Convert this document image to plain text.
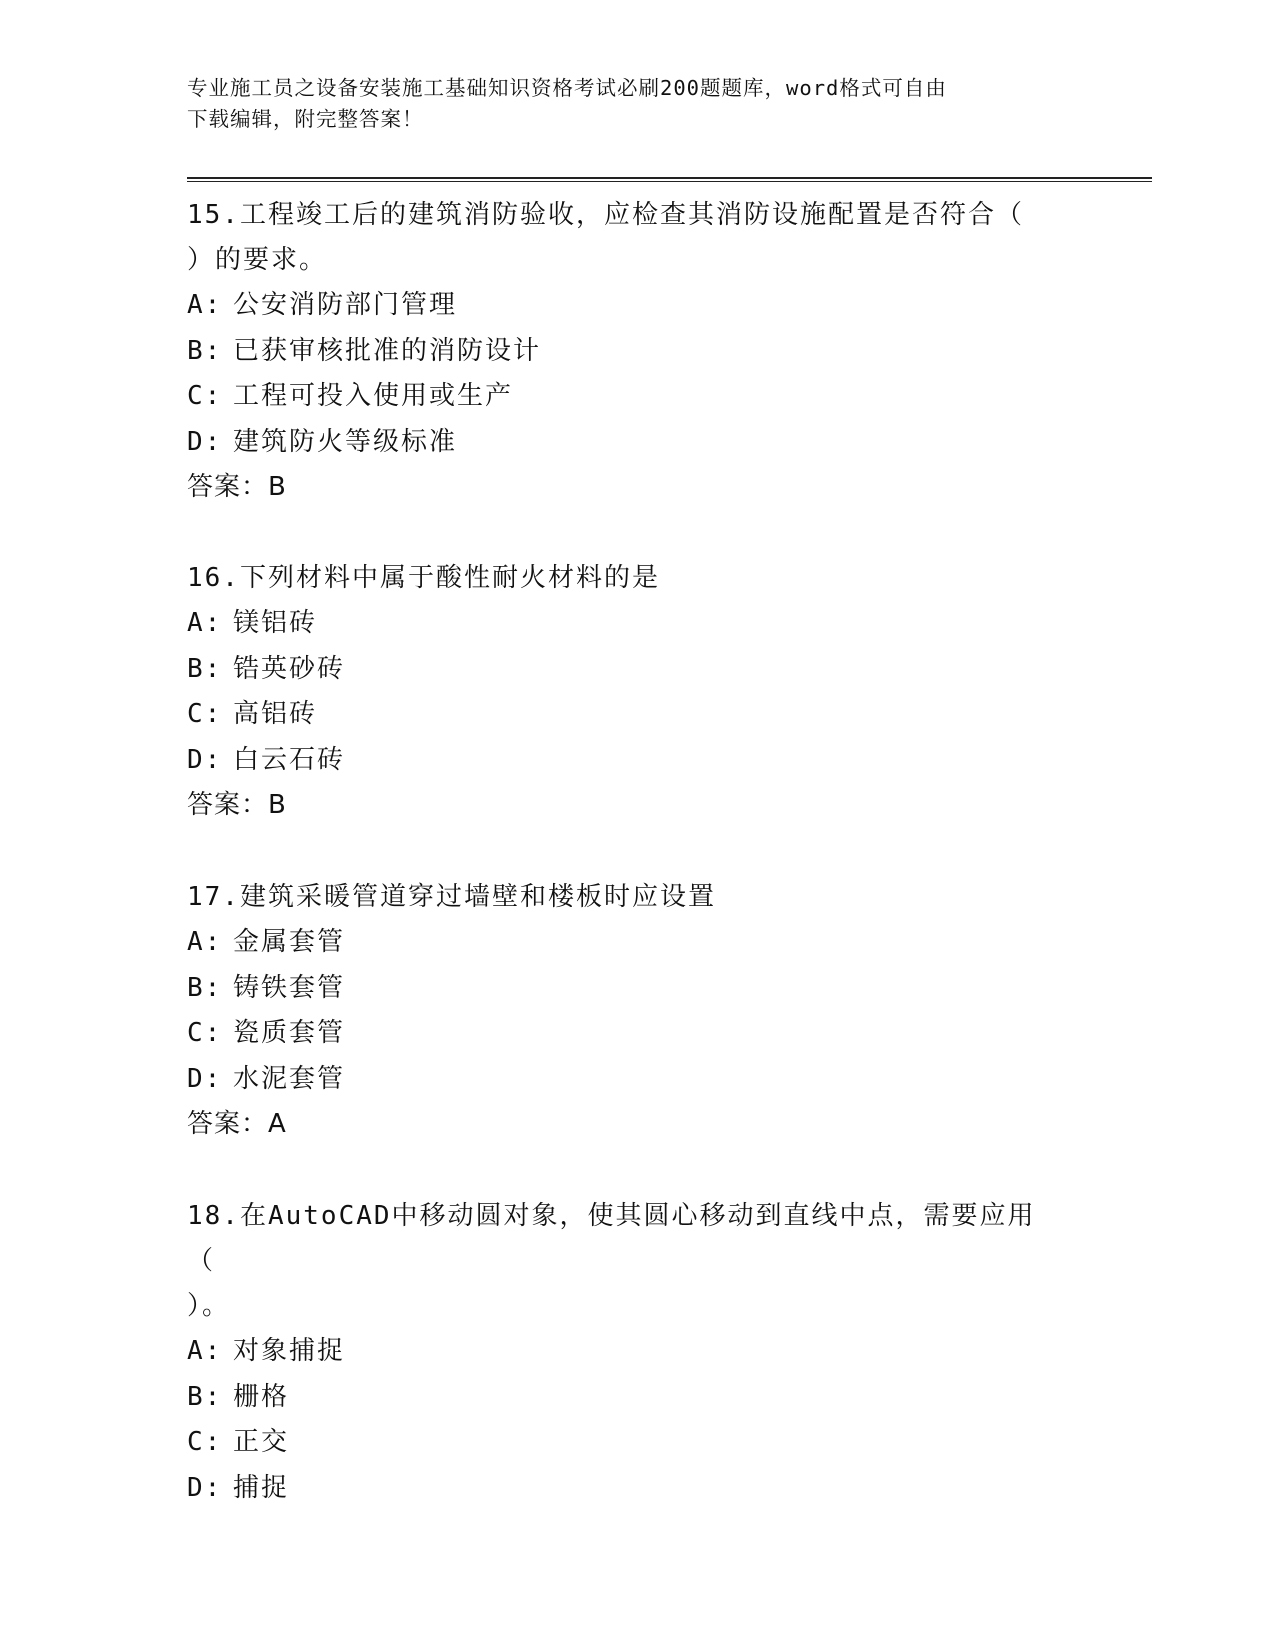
专业施工员之设备安装施工基础知识资格考试必刷200题题库，word格式可自由
下载编辑，附完整答案！
15.工程竣工后的建筑消防验收，应检查其消防设施配置是否符合（
）的要求。
A: 公安消防部门管理
B: 已获审核批准的消防设计
C: 工程可投入使用或生产
D: 建筑防火等级标准
答案：B
16.下列材料中属于酸性耐火材料的是
A: 镁铝砖
B: 锆英砂砖
C: 高铝砖
D: 白云石砖
答案：B
17.建筑采暖管道穿过墙壁和楼板时应设置
A: 金属套管
B: 铸铁套管
C: 瓷质套管
D: 水泥套管
答案：A
18.在AutoCAD中移动圆对象，使其圆心移动到直线中点，需要应用（
）。
A: 对象捕捉
B: 栅格
C: 正交
D: 捕捉
